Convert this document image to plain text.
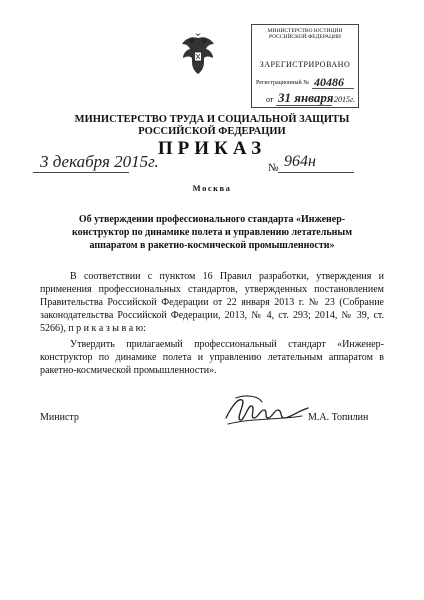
МИНИСТЕРСТВО ЮСТИЦИИ РОССИЙСКОЙ ФЕДЕРАЦИИ
ЗАРЕГИСТРИРОВАНО
Регистрационный № 40486
от 31 января 2015г.
МИНИСТЕРСТВО ТРУДА И СОЦИАЛЬНОЙ ЗАЩИТЫ
РОССИЙСКОЙ ФЕДЕРАЦИИ
ПРИКАЗ
3 декабря 2015г.	№ 964н
Москва
Об утверждении профессионального стандарта «Инженер-конструктор по динамике полета и управлению летательным аппаратом в ракетно-космической промышленности»

В соответствии с пунктом 16 Правил разработки, утверждения и применения профессиональных стандартов, утвержденных постановлением Правительства Российской Федерации от 22 января 2013 г. № 23 (Собрание законодательства Российской Федерации, 2013, № 4, ст. 293; 2014, № 39, ст. 5266), п р и к а з ы в а ю:

Утвердить прилагаемый профессиональный стандарт «Инженер-конструктор по динамике полета и управлению летательным аппаратом в ракетно-космической промышленности».

Министр	М.А. Топилин
